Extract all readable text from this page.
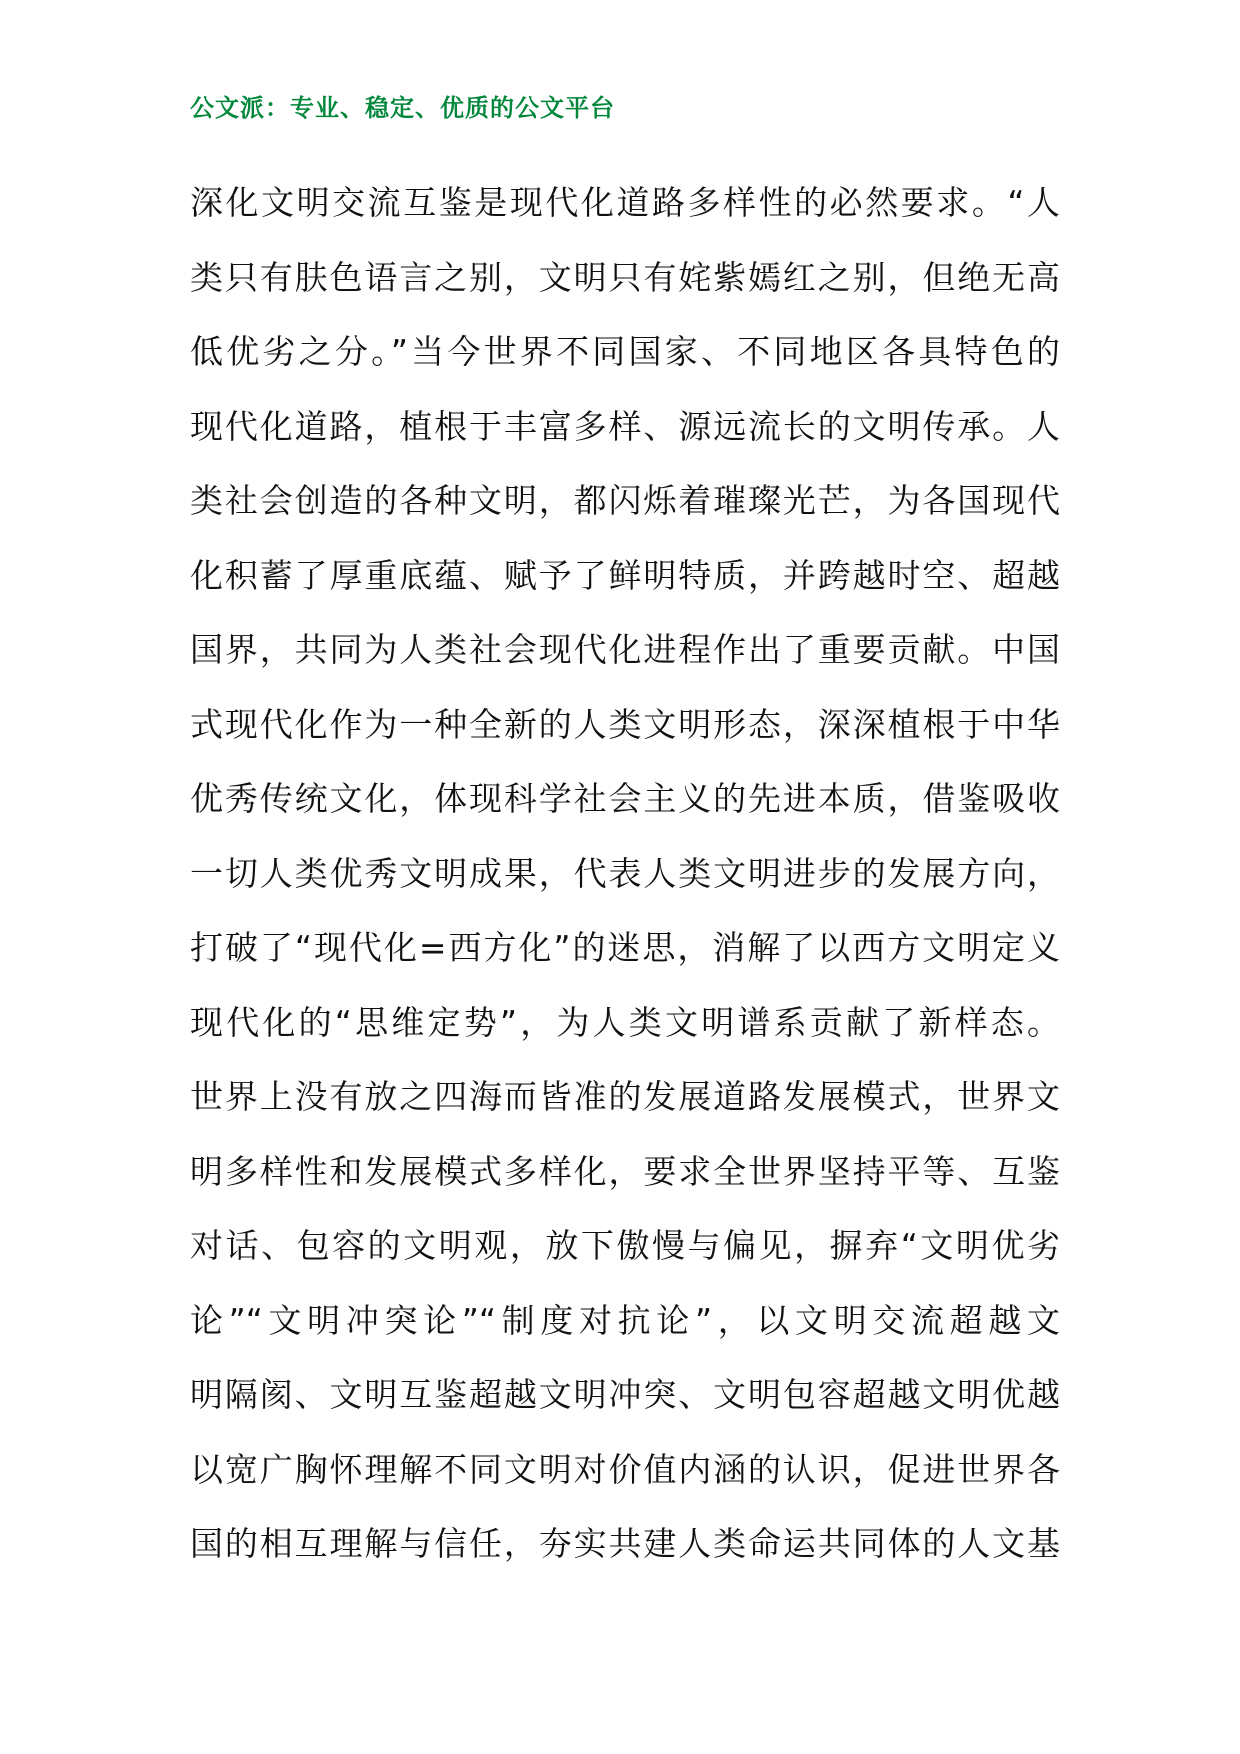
公文派：专业、稳定、优质的公文平台
深化文明交流互鉴是现代化道路多样性的必然要求。“人
类只有肤色语言之别，文明只有姹紫嫣红之别，但绝无高
低优劣之分。”当今世界不同国家、不同地区各具特色的
现代化道路，植根于丰富多样、源远流长的文明传承。人
类社会创造的各种文明，都闪烁着璀璨光芒，为各国现代
化积蓄了厚重底蕴、赋予了鲜明特质，并跨越时空、超越
国界，共同为人类社会现代化进程作出了重要贡献。中国
式现代化作为一种全新的人类文明形态，深深植根于中华
优秀传统文化，体现科学社会主义的先进本质，借鉴吸收
一切人类优秀文明成果，代表人类文明进步的发展方向，
打破了“现代化=西方化”的迷思，消解了以西方文明定义
现代化的“思维定势”，为人类文明谱系贡献了新样态。
世界上没有放之四海而皆准的发展道路发展模式，世界文
明多样性和发展模式多样化，要求全世界坚持平等、互鉴
对话、包容的文明观，放下傲慢与偏见，摒弃“文明优劣
论”“文明冲突论”“制度对抗论”，以文明交流超越文
明隔阂、文明互鉴超越文明冲突、文明包容超越文明优越
以宽广胸怀理解不同文明对价值内涵的认识，促进世界各
国的相互理解与信任，夯实共建人类命运共同体的人文基
